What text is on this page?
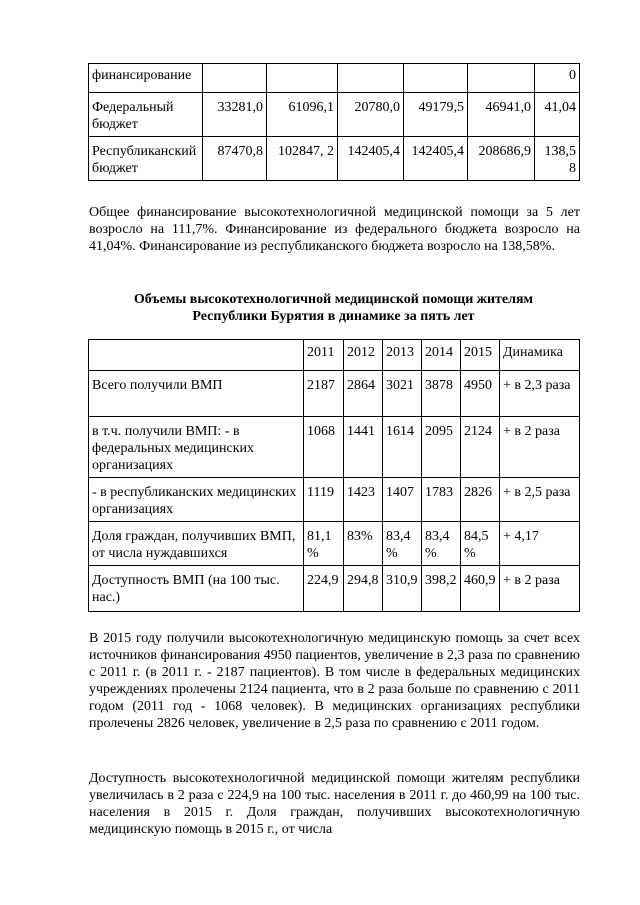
финансирование						0
Федеральный бюджет	33281,0	61096,1	20780,0	49179,5	46941,0	41,04
Республиканский бюджет	87470,8	102847, 2	142405,4	142405,4	208686,9	138,58

Общее финансирование высокотехнологичной медицинской помощи за 5 лет возросло на 111,7%. Финансирование из федерального бюджета возросло на 41,04%. Финансирование из республиканского бюджета возросло на 138,58%.

Объемы высокотехнологичной медицинской помощи жителям
Республики Бурятия в динамике за пять лет

	2011	2012	2013	2014	2015	Динамика
Всего получили ВМП	2187	2864	3021	3878	4950	+ в 2,3 раза
в т.ч. получили ВМП: - в федеральных медицинских организациях	1068	1441	1614	2095	2124	+ в 2 раза
- в республиканских медицинских организациях	1119	1423	1407	1783	2826	+ в 2,5 раза
Доля граждан, получивших ВМП, от числа нуждавшихся	81,1 %	83%	83,4 %	83,4 %	84,5 %	+ 4,17
Доступность ВМП (на 100 тыс. нас.)	224,9	294,8	310,9	398,2	460,9	+ в 2 раза

В 2015 году получили высокотехнологичную медицинскую помощь за счет всех источников финансирования 4950 пациентов, увеличение в 2,3 раза по сравнению с 2011 г. (в 2011 г. - 2187 пациентов). В том числе в федеральных медицинских учреждениях пролечены 2124 пациента, что в 2 раза больше по сравнению с 2011 годом (2011 год - 1068 человек). В медицинских организациях республики пролечены 2826 человек, увеличение в 2,5 раза по сравнению с 2011 годом.

Доступность высокотехнологичной медицинской помощи жителям республики увеличилась в 2 раза с 224,9 на 100 тыс. населения в 2011 г. до 460,99 на 100 тыс. населения в 2015 г. Доля граждан, получивших высокотехнологичную медицинскую помощь в 2015 г., от числа
